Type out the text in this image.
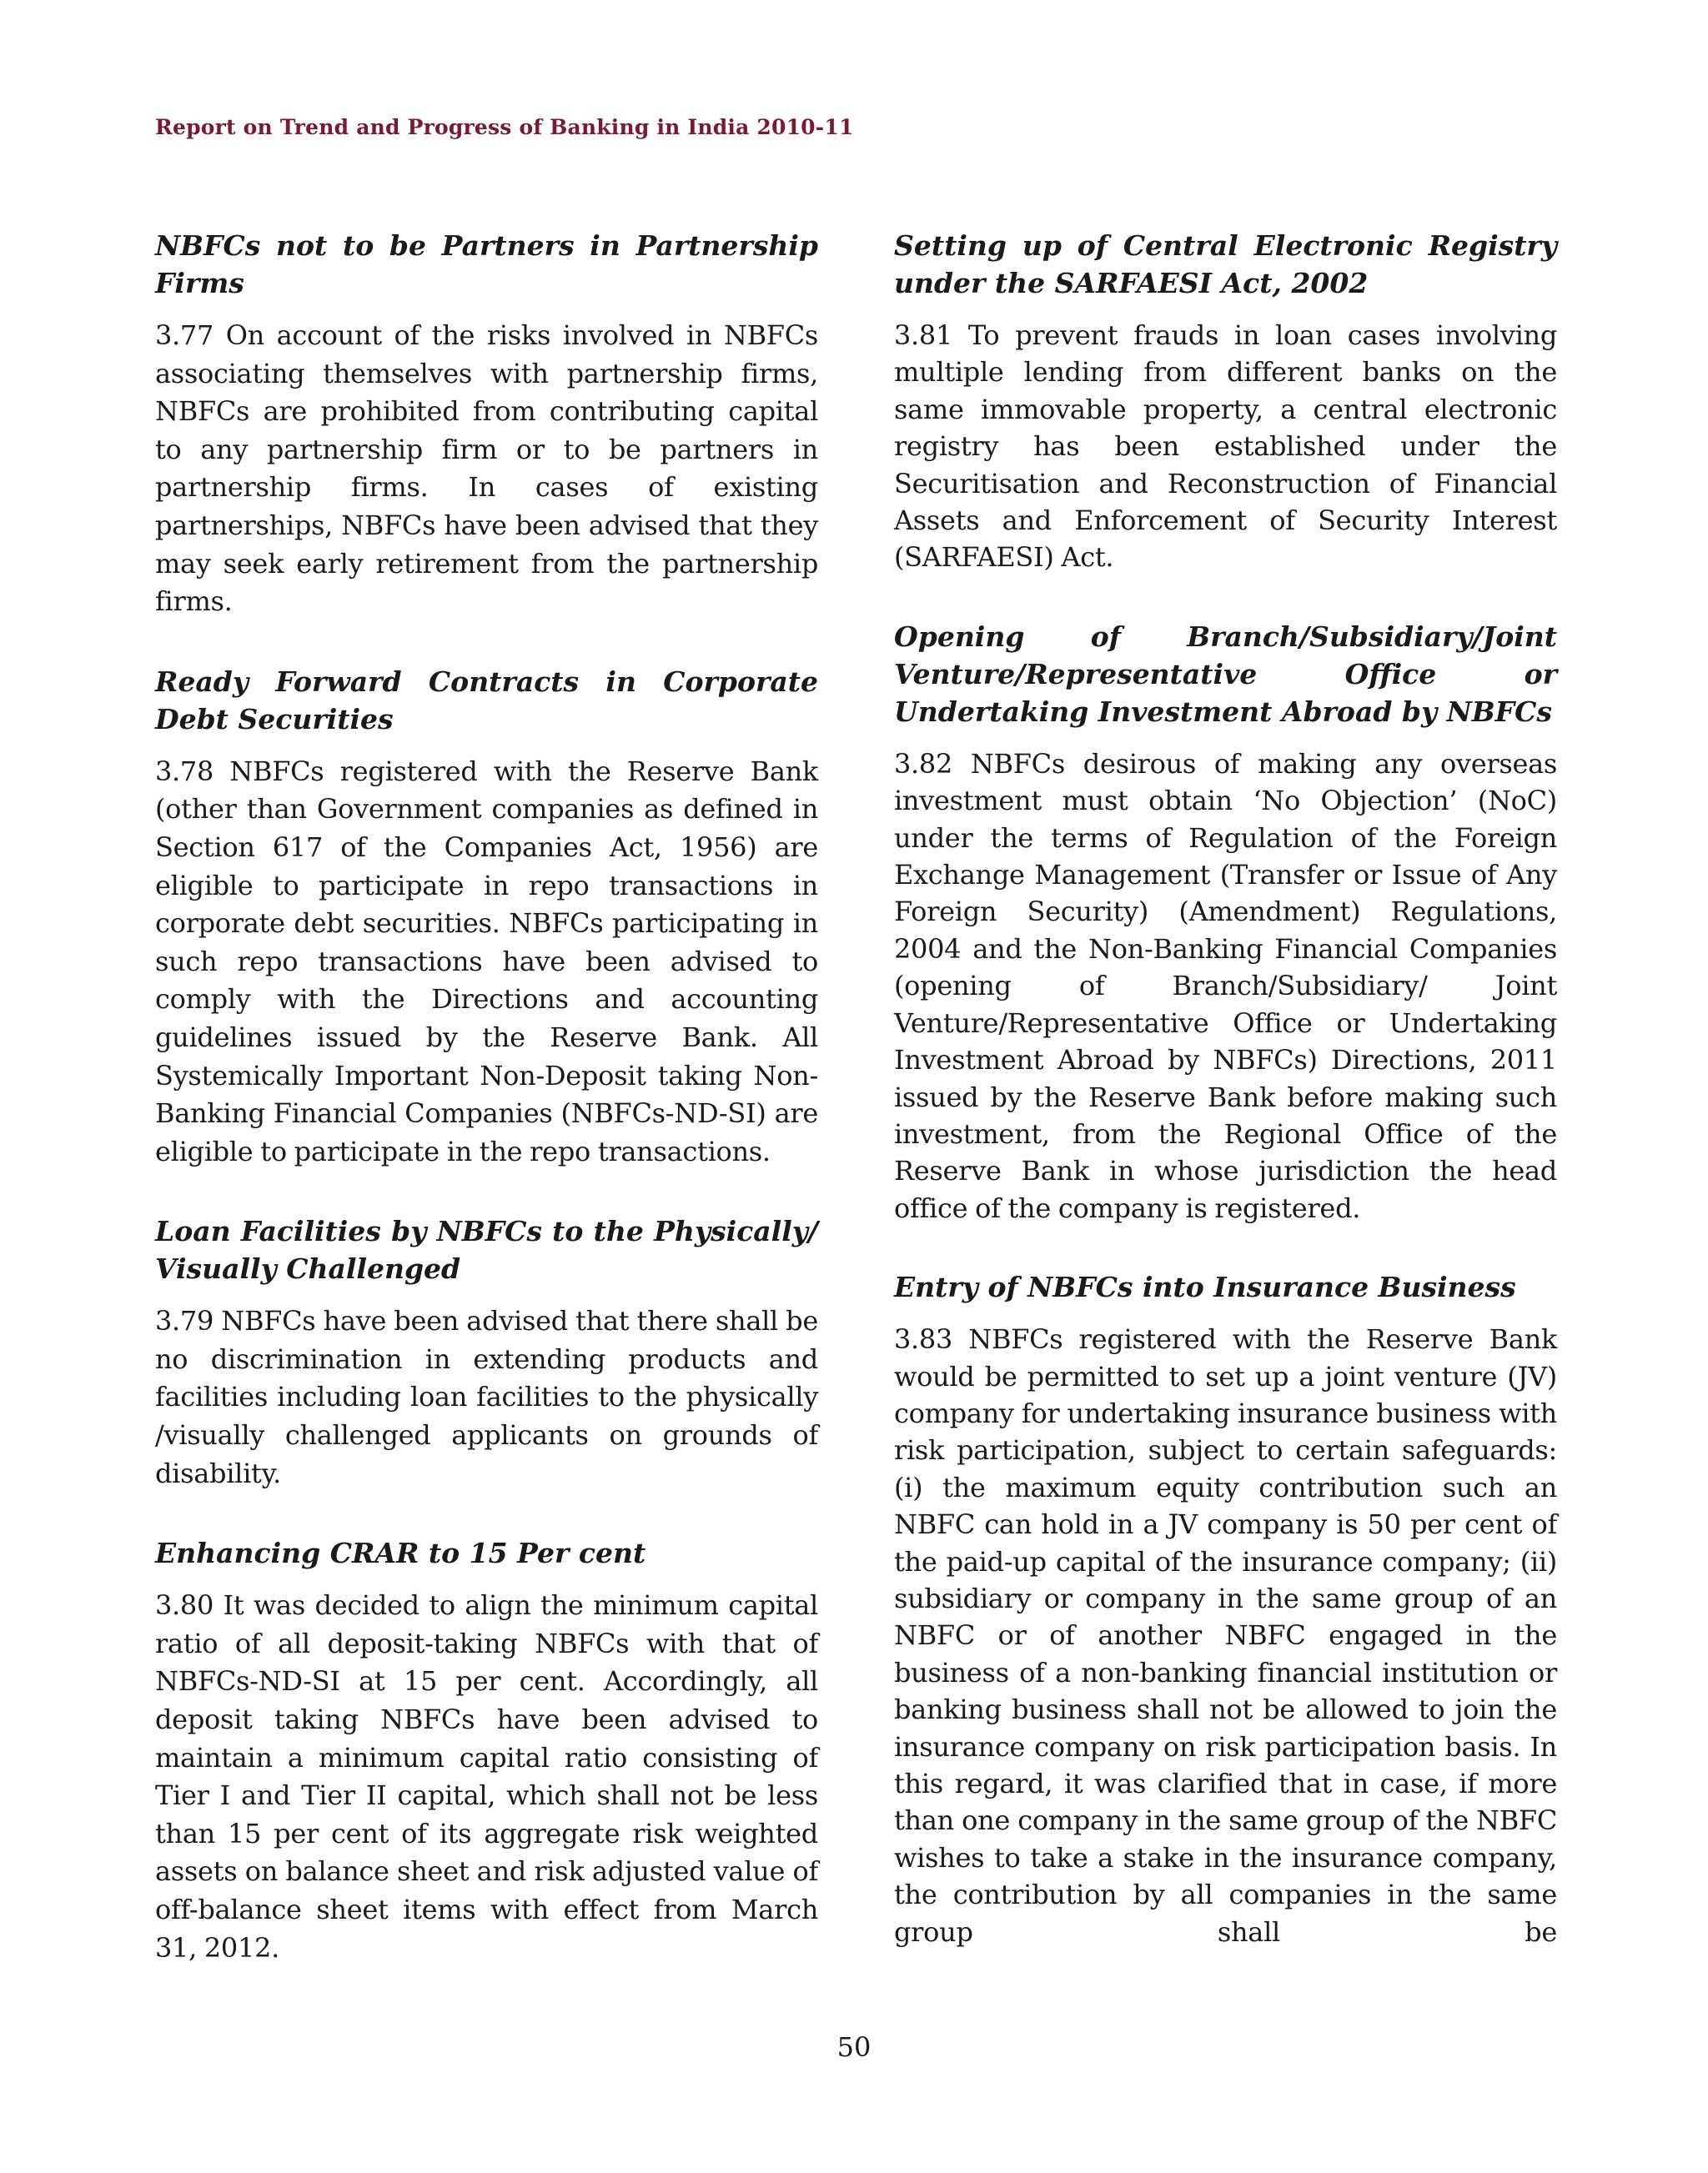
Report on Trend and Progress of Banking in India 2010-11
NBFCs not to be Partners in Partnership Firms

3.77 On account of the risks involved in NBFCs associating themselves with partnership firms, NBFCs are prohibited from contributing capital to any partnership firm or to be partners in partnership firms. In cases of existing partnerships, NBFCs have been advised that they may seek early retirement from the partnership firms.

Ready Forward Contracts in Corporate Debt Securities

3.78 NBFCs registered with the Reserve Bank (other than Government companies as defined in Section 617 of the Companies Act, 1956) are eligible to participate in repo transactions in corporate debt securities. NBFCs participating in such repo transactions have been advised to comply with the Directions and accounting guidelines issued by the Reserve Bank. All Systemically Important Non-Deposit taking Non-Banking Financial Companies (NBFCs-ND-SI) are eligible to participate in the repo transactions.

Loan Facilities by NBFCs to the Physically/ Visually Challenged

3.79 NBFCs have been advised that there shall be no discrimination in extending products and facilities including loan facilities to the physically /visually challenged applicants on grounds of disability.

Enhancing CRAR to 15 Per cent

3.80 It was decided to align the minimum capital ratio of all deposit-taking NBFCs with that of NBFCs-ND-SI at 15 per cent. Accordingly, all deposit taking NBFCs have been advised to maintain a minimum capital ratio consisting of Tier I and Tier II capital, which shall not be less than 15 per cent of its aggregate risk weighted assets on balance sheet and risk adjusted value of off-balance sheet items with effect from March 31, 2012.

Setting up of Central Electronic Registry under the SARFAESI Act, 2002

3.81 To prevent frauds in loan cases involving multiple lending from different banks on the same immovable property, a central electronic registry has been established under the Securitisation and Reconstruction of Financial Assets and Enforcement of Security Interest (SARFAESI) Act.

Opening of Branch/Subsidiary/Joint Venture/Representative Office or Undertaking Investment Abroad by NBFCs

3.82 NBFCs desirous of making any overseas investment must obtain ‘No Objection’ (NoC) under the terms of Regulation of the Foreign Exchange Management (Transfer or Issue of Any Foreign Security) (Amendment) Regulations, 2004 and the Non-Banking Financial Companies (opening of Branch/Subsidiary/ Joint Venture/Representative Office or Undertaking Investment Abroad by NBFCs) Directions, 2011 issued by the Reserve Bank before making such investment, from the Regional Office of the Reserve Bank in whose jurisdiction the head office of the company is registered.

Entry of NBFCs into Insurance Business

3.83 NBFCs registered with the Reserve Bank would be permitted to set up a joint venture (JV) company for undertaking insurance business with risk participation, subject to certain safeguards: (i) the maximum equity contribution such an NBFC can hold in a JV company is 50 per cent of the paid-up capital of the insurance company; (ii) subsidiary or company in the same group of an NBFC or of another NBFC engaged in the business of a non-banking financial institution or banking business shall not be allowed to join the insurance company on risk participation basis. In this regard, it was clarified that in case, if more than one company in the same group of the NBFC wishes to take a stake in the insurance company, the contribution by all companies in the same group shall be

50
